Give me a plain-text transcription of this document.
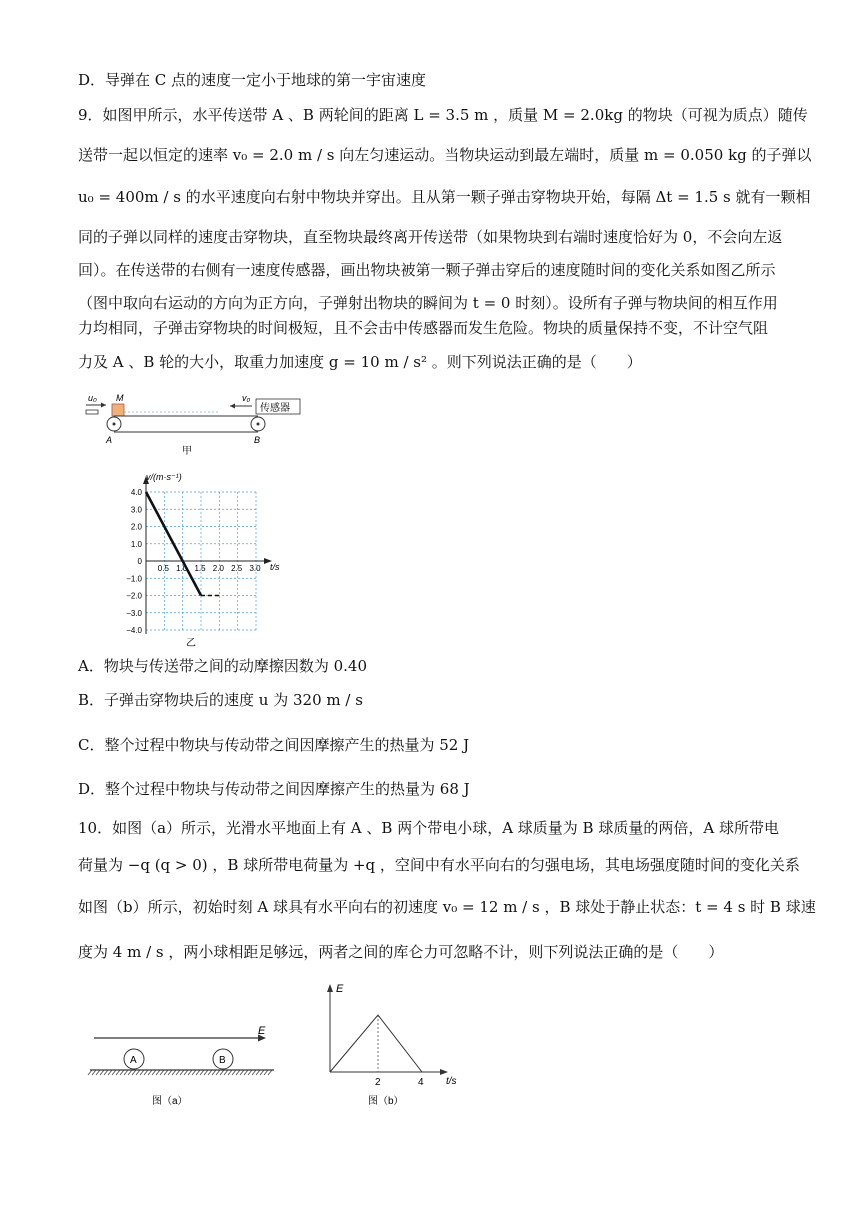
D．导弹在 C 点的速度一定小于地球的第一宇宙速度
9．如图甲所示，水平传送带 A 、B 两轮间的距离 L = 3.5 m ，质量 M = 2.0kg 的物块（可视为质点）随传
送带一起以恒定的速率 v₀ = 2.0 m / s 向左匀速运动。当物块运动到最左端时，质量 m = 0.050 kg 的子弹以
u₀ = 400m / s 的水平速度向右射中物块并穿出。且从第一颗子弹击穿物块开始，每隔 Δt = 1.5 s 就有一颗相
同的子弹以同样的速度击穿物块，直至物块最终离开传送带（如果物块到右端时速度恰好为 0，不会向左返
回）。在传送带的右侧有一速度传感器，画出物块被第一颗子弹击穿后的速度随时间的变化关系如图乙所示
（图中取向右运动的方向为正方向，子弹射出物块的瞬间为 t = 0 时刻）。设所有子弹与物块间的相互作用
力均相同，子弹击穿物块的时间极短，且不会击中传感器而发生危险。物块的质量保持不变，不计空气阻
力及 A 、B 轮的大小，取重力加速度 g = 10 m / s² 。则下列说法正确的是（　　）
u₀ M	v₀
传感器
A	B
甲
4.0
3.0
2.0
1.0
0
−1.0
−2.0
−3.0
−4.0
0.5 1.0 1.5 2.0 2.5 3.0
v/(m·s⁻¹)
t/s
乙
A．物块与传送带之间的动摩擦因数为 0.40
B．子弹击穿物块后的速度 u 为 320 m / s
C．整个过程中物块与传动带之间因摩擦产生的热量为 52 J
D．整个过程中物块与传动带之间因摩擦产生的热量为 68 J
10．如图（a）所示，光滑水平地面上有 A 、B 两个带电小球，A 球质量为 B 球质量的两倍，A 球所带电
荷量为 −q (q > 0) ，B 球所带电荷量为 +q ，空间中有水平向右的匀强电场，其电场强度随时间的变化关系
如图（b）所示，初始时刻 A 球具有水平向右的初速度 v₀ = 12 m / s ，B 球处于静止状态：t = 4 s 时 B 球速
度为 4 m / s ，两小球相距足够远，两者之间的库仑力可忽略不计，则下列说法正确的是（　　）
E
A	B
图（a）
E
t/s
2	4
图（b）
